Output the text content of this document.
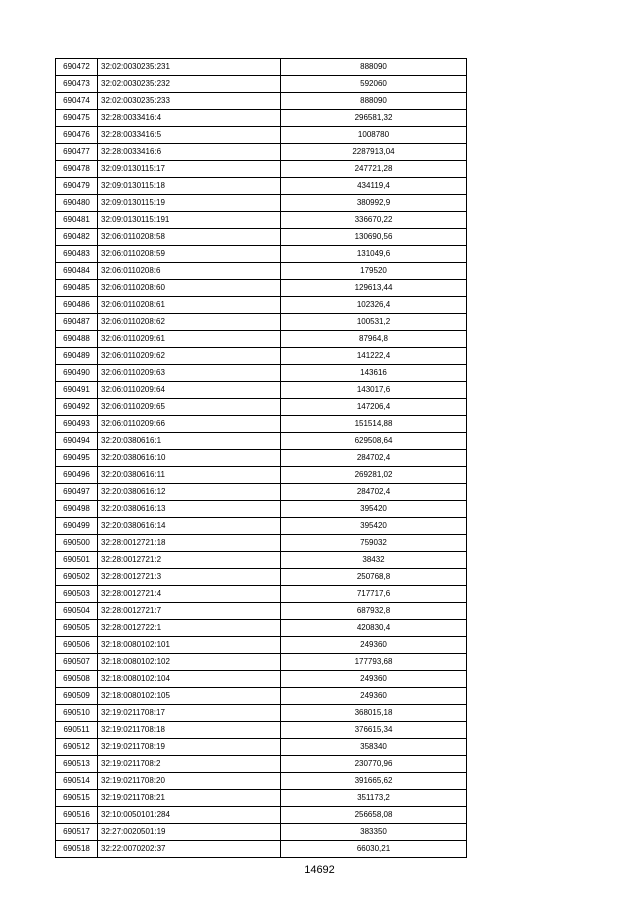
690472	32:02:0030235:231	888090
690473	32:02:0030235:232	592060
690474	32:02:0030235:233	888090
690475	32:28:0033416:4	296581,32
690476	32:28:0033416:5	1008780
690477	32:28:0033416:6	2287913,04
690478	32:09:0130115:17	247721,28
690479	32:09:0130115:18	434119,4
690480	32:09:0130115:19	380992,9
690481	32:09:0130115:191	336670,22
690482	32:06:0110208:58	130690,56
690483	32:06:0110208:59	131049,6
690484	32:06:0110208:6	179520
690485	32:06:0110208:60	129613,44
690486	32:06:0110208:61	102326,4
690487	32:06:0110208:62	100531,2
690488	32:06:0110209:61	87964,8
690489	32:06:0110209:62	141222,4
690490	32:06:0110209:63	143616
690491	32:06:0110209:64	143017,6
690492	32:06:0110209:65	147206,4
690493	32:06:0110209:66	151514,88
690494	32:20:0380616:1	629508,64
690495	32:20:0380616:10	284702,4
690496	32:20:0380616:11	269281,02
690497	32:20:0380616:12	284702,4
690498	32:20:0380616:13	395420
690499	32:20:0380616:14	395420
690500	32:28:0012721:18	759032
690501	32:28:0012721:2	38432
690502	32:28:0012721:3	250768,8
690503	32:28:0012721:4	717717,6
690504	32:28:0012721:7	687932,8
690505	32:28:0012722:1	420830,4
690506	32:18:0080102:101	249360
690507	32:18:0080102:102	177793,68
690508	32:18:0080102:104	249360
690509	32:18:0080102:105	249360
690510	32:19:0211708:17	368015,18
690511	32:19:0211708:18	376615,34
690512	32:19:0211708:19	358340
690513	32:19:0211708:2	230770,96
690514	32:19:0211708:20	391665,62
690515	32:19:0211708:21	351173,2
690516	32:10:0050101:284	256658,08
690517	32:27:0020501:19	383350
690518	32:22:0070202:37	66030,21
14692
